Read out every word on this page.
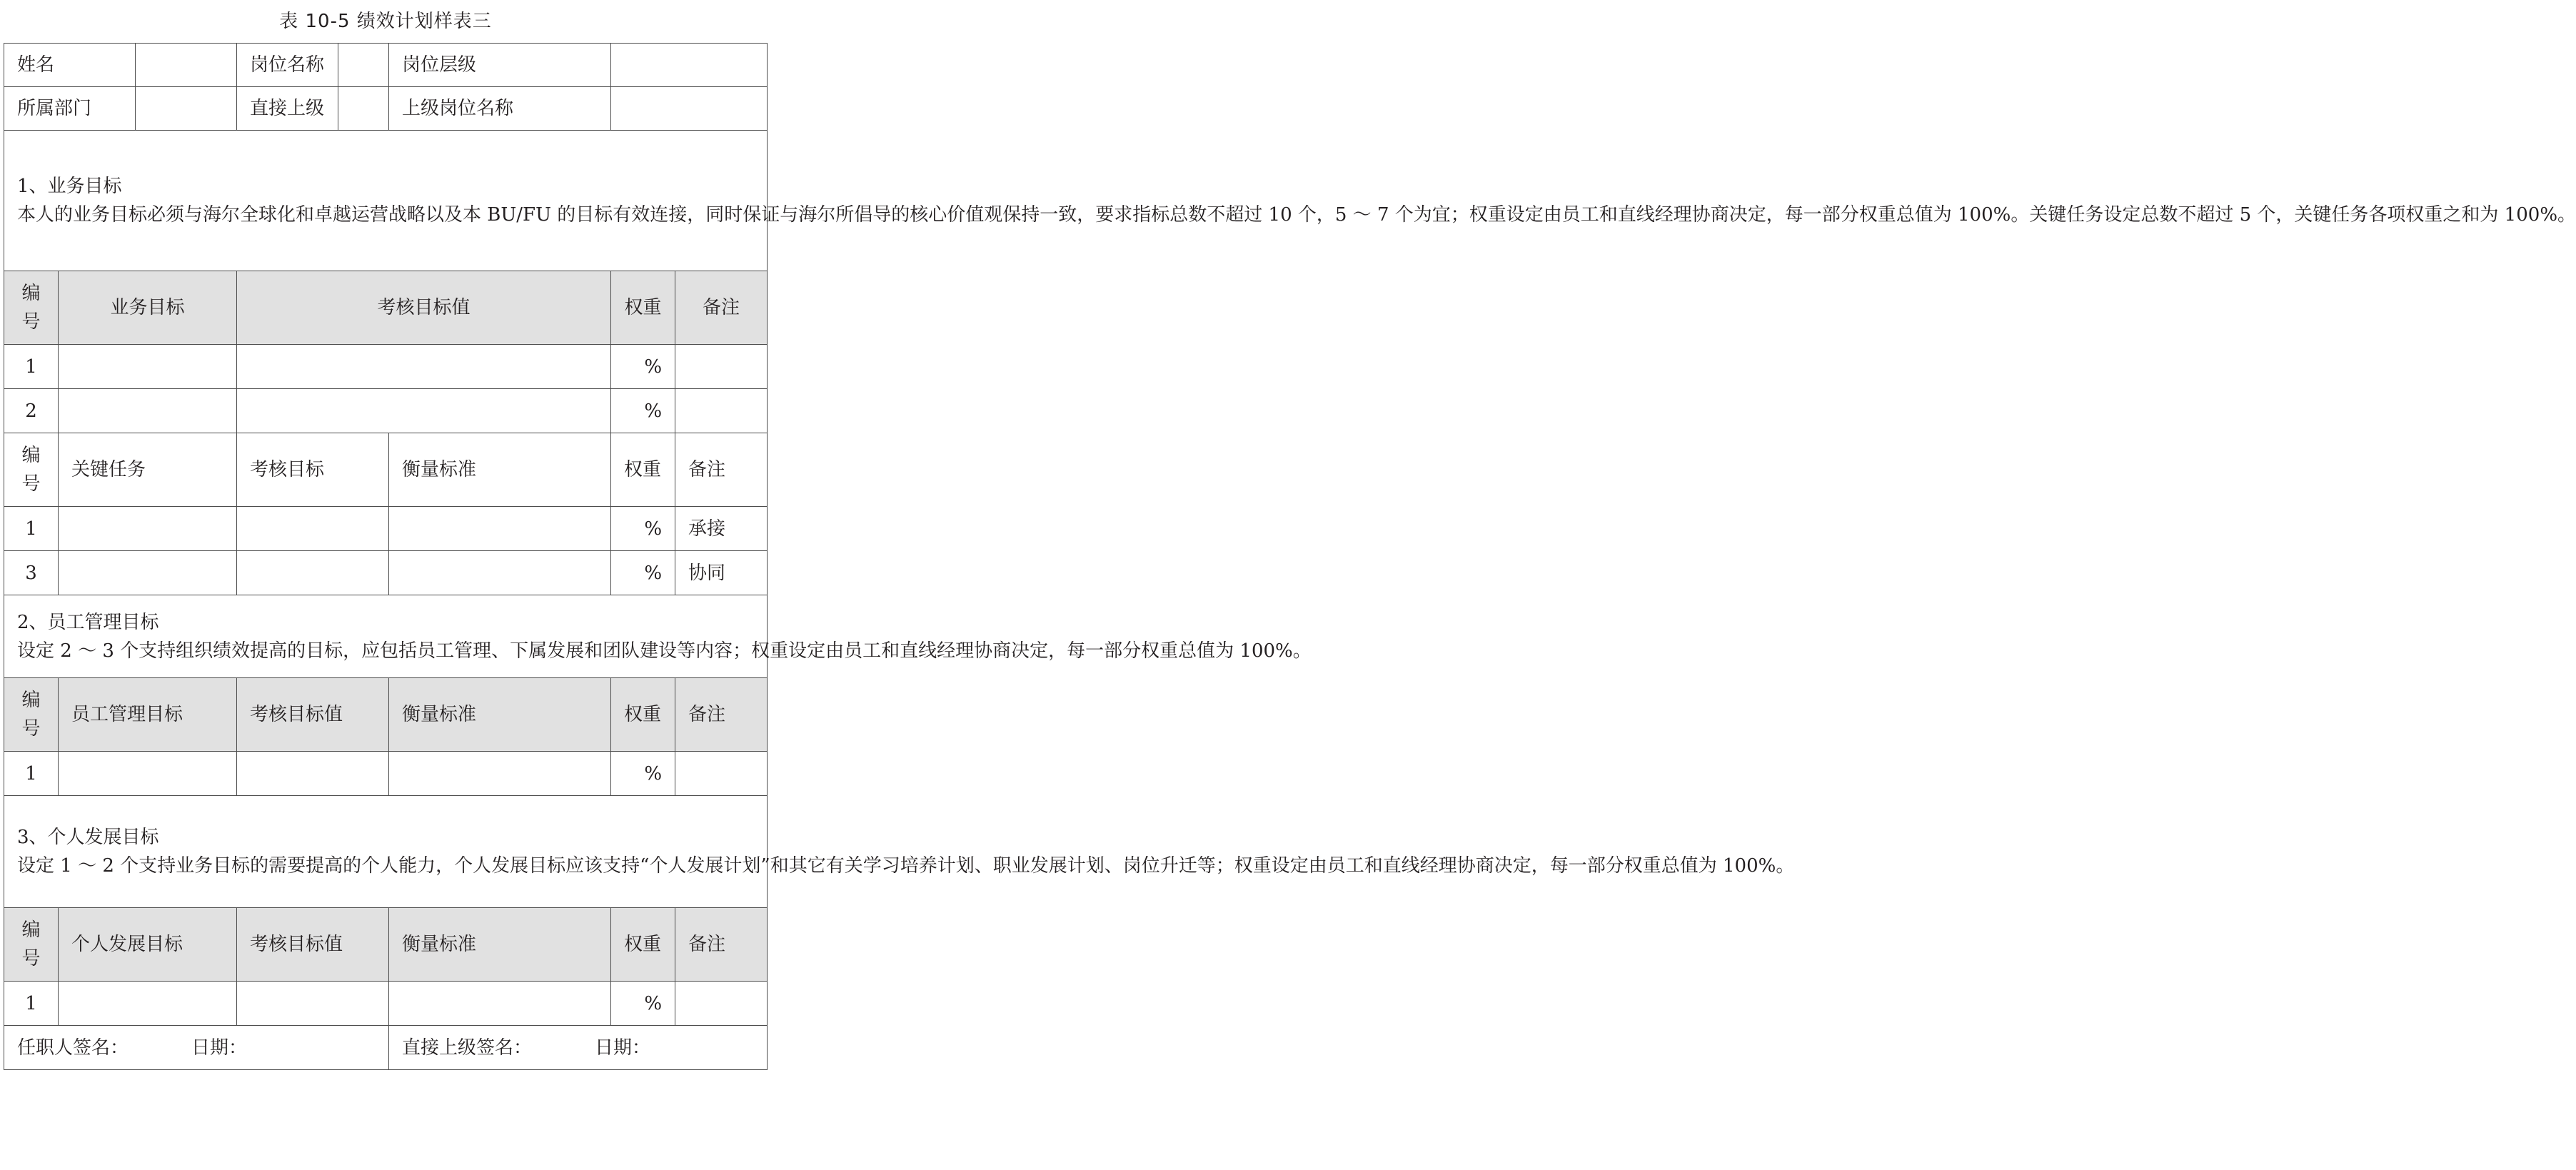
表 10-5 绩效计划样表三
姓名			岗位名称		岗位层级		
所属部门			直接上级		上级岗位名称		

1、业务目标
本人的业务目标必须与海尔全球化和卓越运营战略以及本 BU/FU 的目标有效连接，同时保证与海尔所倡导的核心价值观保持一致，要求指标总数不超过 10 个，5 ～ 7 个为宜；权重设定由员工和直线经理协商决定，每一部分权重总值为 100%。关键任务设定总数不超过 5 个，关键任务各项权重之和为 100%。							

编
号	业务目标		考核目标值			权重	备注
1						%	
2						%	
编
号	关键任务		考核目标		衡量标准	权重	备注
1						%	承接
3						%	协同

2、员工管理目标
设定 2 ～ 3 个支持组织绩效提高的目标，应包括员工管理、下属发展和团队建设等内容；权重设定由员工和直线经理协商决定，每一部分权重总值为 100%。							

编
号	员工管理目标		考核目标值		衡量标准	权重	备注
1						%	

3、个人发展目标
设定 1 ～ 2 个支持业务目标的需要提高的个人能力，个人发展目标应该支持“个人发展计划”和其它有关学习培养计划、职业发展计划、岗位升迁等；权重设定由员工和直线经理协商决定，每一部分权重总值为 100%。							

编
号	个人发展目标		考核目标值		衡量标准	权重	备注
1						%	
任职人签名： 日期：					直接上级签名： 日期：		
